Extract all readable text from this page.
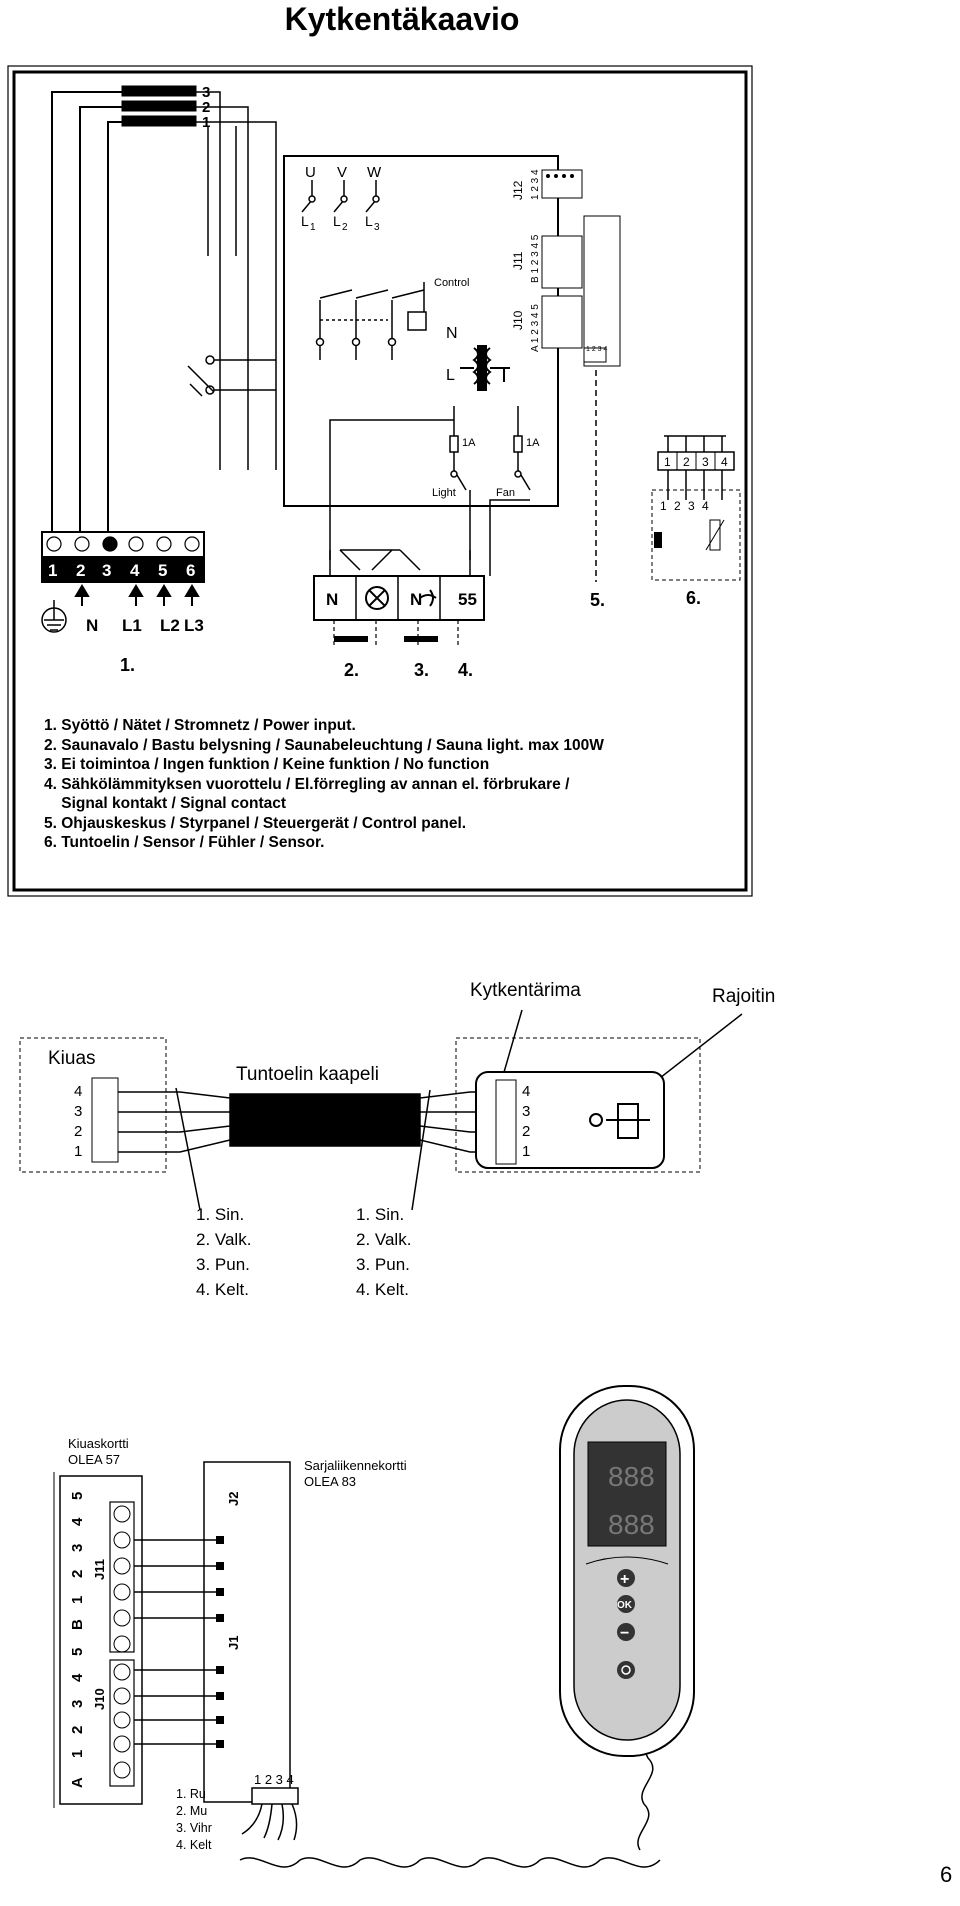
Kytkentäkaavio
3
2
1
U V W
L 1 L 2 L 3
Control
N
L
J12 1 2 3 4
J11 B 1 2 3 4 5
J10 A 1 2 3 4 5	1 2 3 4
1A	1A
Light	Fan
1 2 3 4 5 6
N L1 L2 L3
1.
N	N 55
2.	3. 4.
5.	6.
1 2 3 4
1 2 3 4
Kytkentärima	Rajoitin
Kiuas
4
3
2
1
Tuntoelin kaapeli
4
3
2
1
1. Syöttö / Nätet / Stromnetz / Power input.
2. Saunavalo / Bastu belysning / Saunabeleuchtung / Sauna light. max 100W
3. Ei toimintoa / Ingen funktion / Keine funktion / No function
4. Sähkölämmityksen vuorottelu / El.förregling av annan el. förbrukare /
Signal kontakt / Signal contact
5. Ohjauskeskus / Styrpanel / Steuergerät / Control panel.
6. Tuntoelin / Sensor / Fühler / Sensor.
1. Sin.
2. Valk.
3. Pun.
4. Kelt.
1. Sin.
2. Valk.
3. Pun.
4. Kelt.
Kiuaskortti
OLEA 57	Sarjaliikennekortti
OLEA 83
J2
J1
J11
J10
A
1
2
3
4
5
B
1
2
3
4
5
1 2 3 4
888
888
+
OK
−
6
1. Ru
2. Mu
3. Vihr
4. Kelt
